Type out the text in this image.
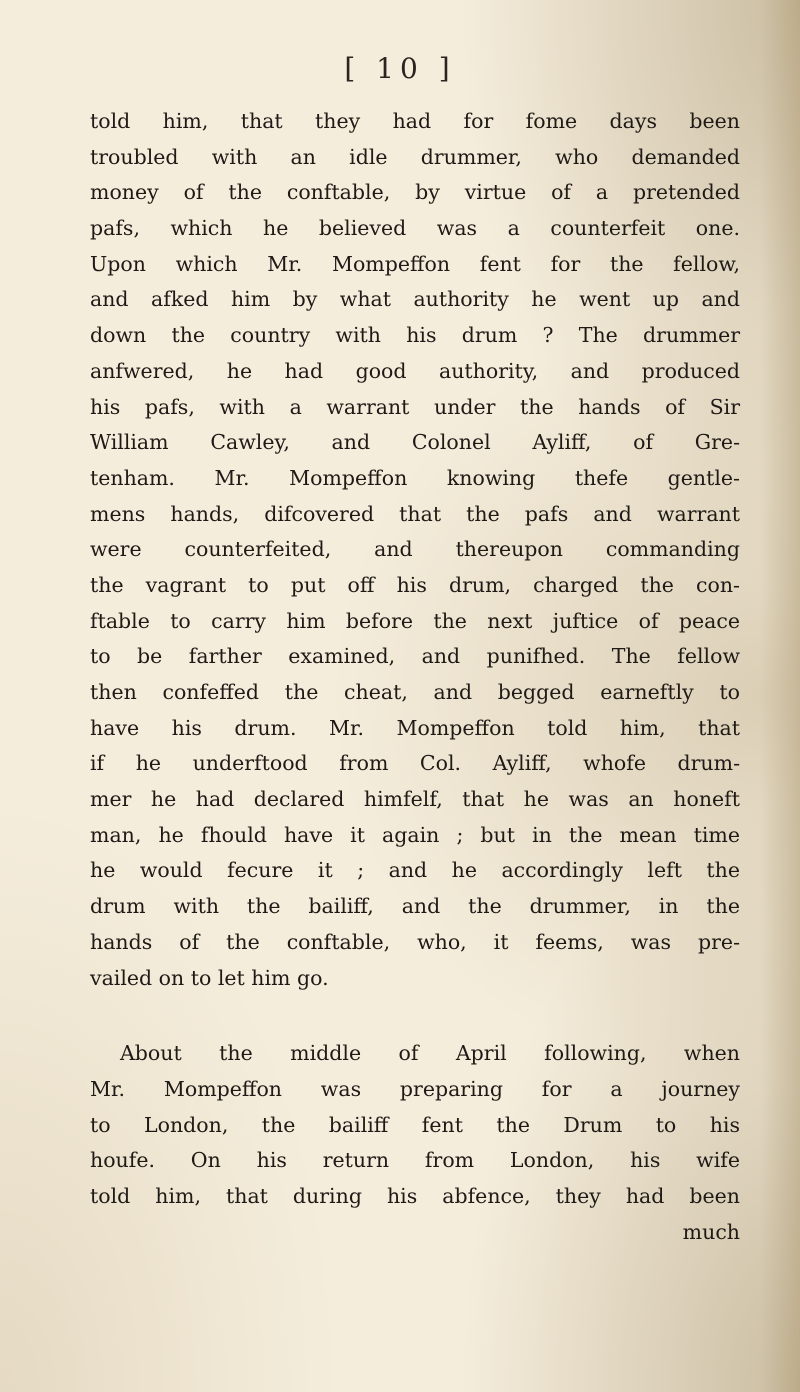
[ 10 ]
told him, that they had for fome days been
troubled with an idle drummer, who demanded
money of the conftable, by virtue of a pretended
pafs, which he believed was a counterfeit one.
Upon which Mr. Mompeffon fent for the fellow,
and afked him by what authority he went up and
down the country with his drum ? The drummer
anfwered, he had good authority, and produced
his pafs, with a warrant under the hands of Sir
William Cawley, and Colonel Ayliff, of Gre-
tenham. Mr. Mompeffon knowing thefe gentle-
mens hands, difcovered that the pafs and warrant
were counterfeited, and thereupon commanding
the vagrant to put off his drum, charged the con-
ftable to carry him before the next juftice of peace
to be farther examined, and punifhed. The fellow
then confeffed the cheat, and begged earneftly to
have his drum. Mr. Mompeffon told him, that
if he underftood from Col. Ayliff, whofe drum-
mer he had declared himfelf, that he was an honeft
man, he fhould have it again ; but in the mean time
he would fecure it ; and he accordingly left the
drum with the bailiff, and the drummer, in the
hands of the conftable, who, it feems, was pre-
vailed on to let him go.
About the middle of April following, when
Mr. Mompeffon was preparing for a journey
to London, the bailiff fent the Drum to his
houfe. On his return from London, his wife
told him, that during his abfence, they had been
much
